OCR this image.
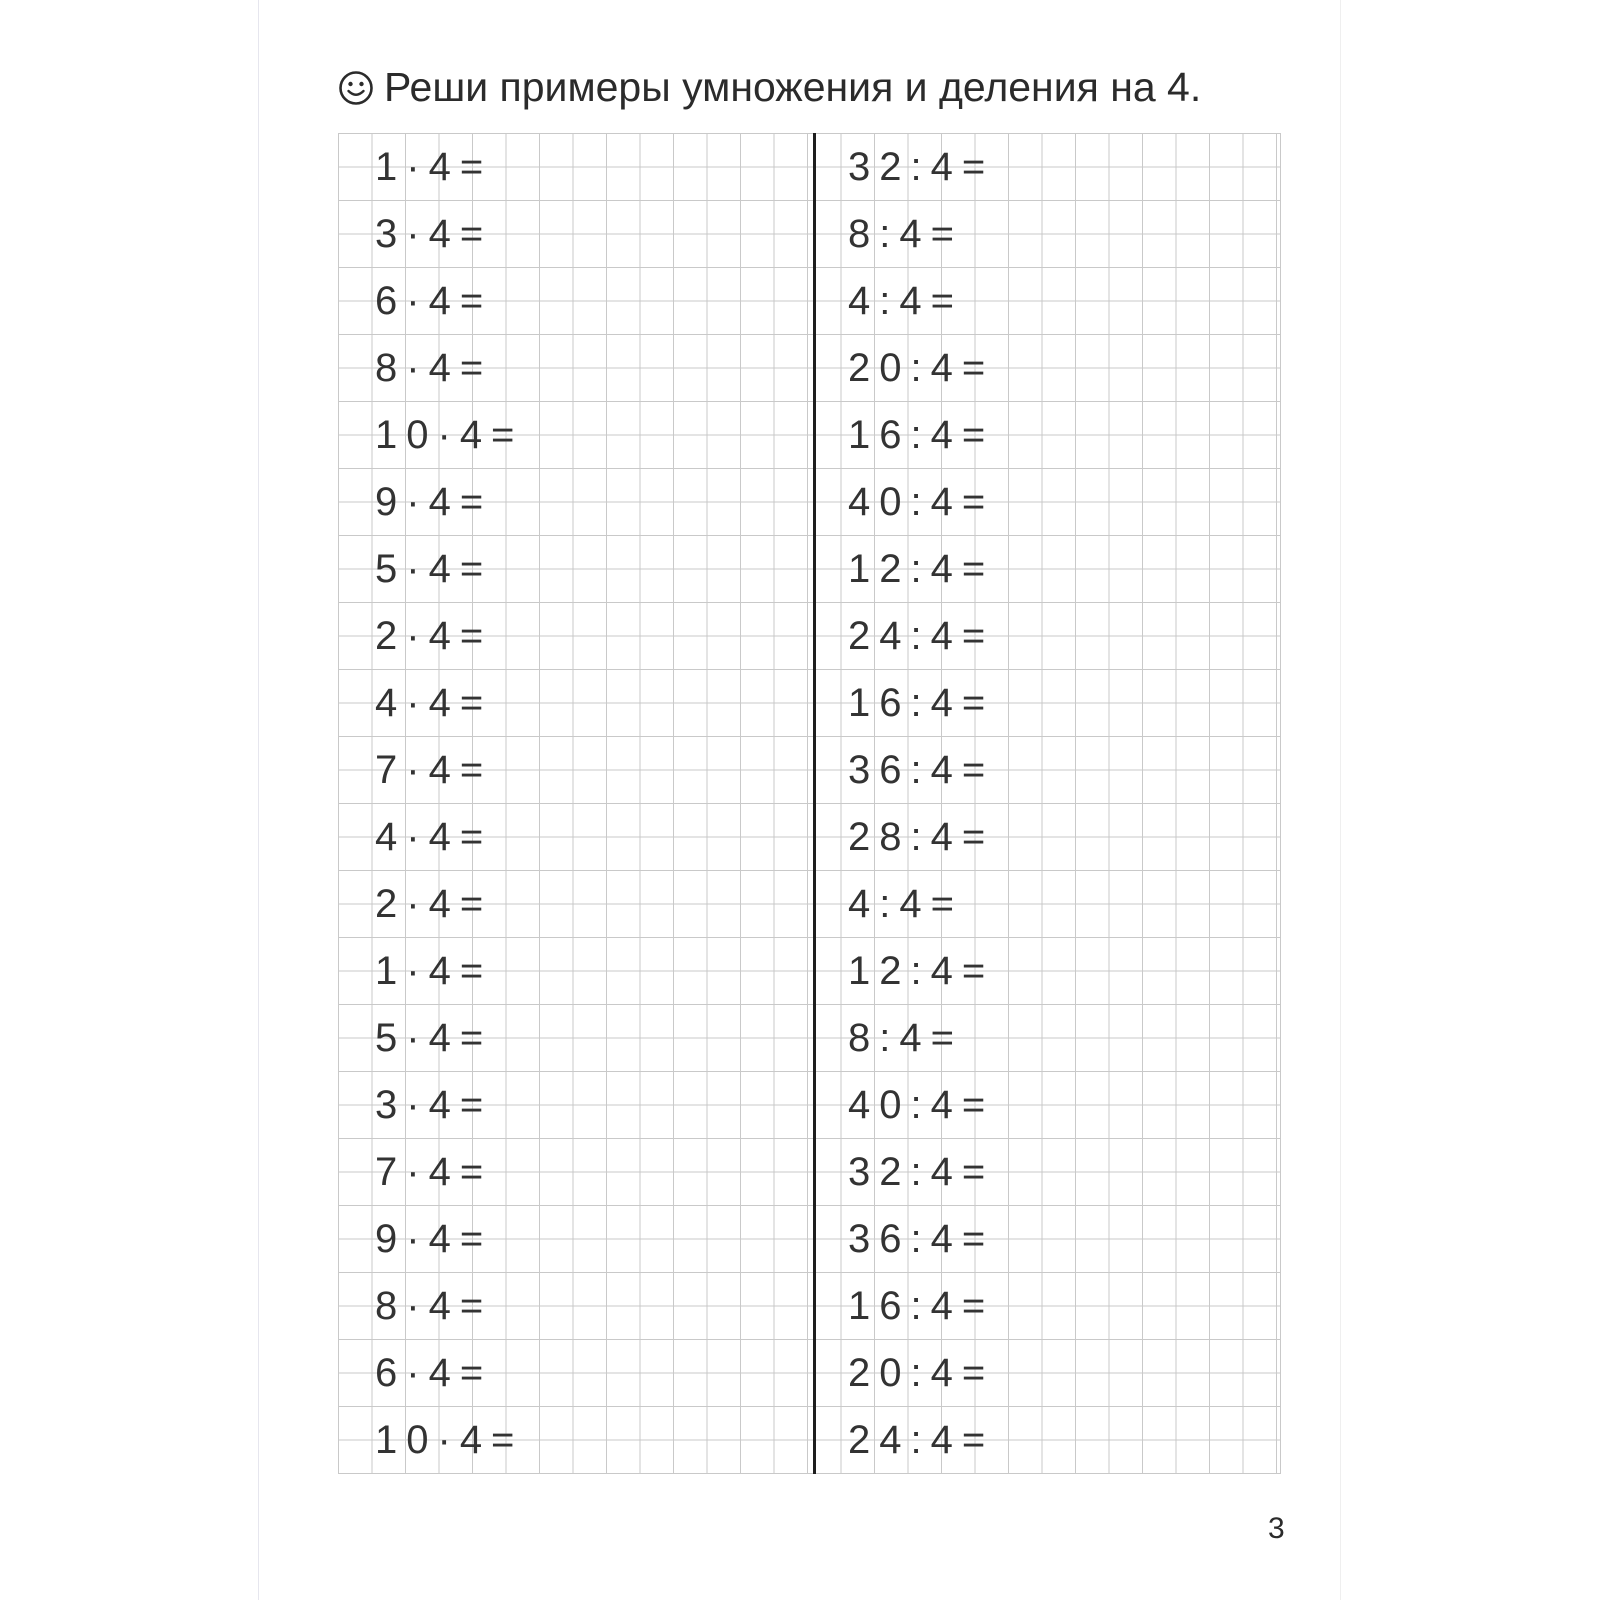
Реши примеры умножения и деления на 4.
1·4=
3·4=
6·4=
8·4=
10·4=
9·4=
5·4=
2·4=
4·4=
7·4=
4·4=
2·4=
1·4=
5·4=
3·4=
7·4=
9·4=
8·4=
6·4=
10·4=
32:4=
8:4=
4:4=
20:4=
16:4=
40:4=
12:4=
24:4=
16:4=
36:4=
28:4=
4:4=
12:4=
8:4=
40:4=
32:4=
36:4=
16:4=
20:4=
24:4=
3
